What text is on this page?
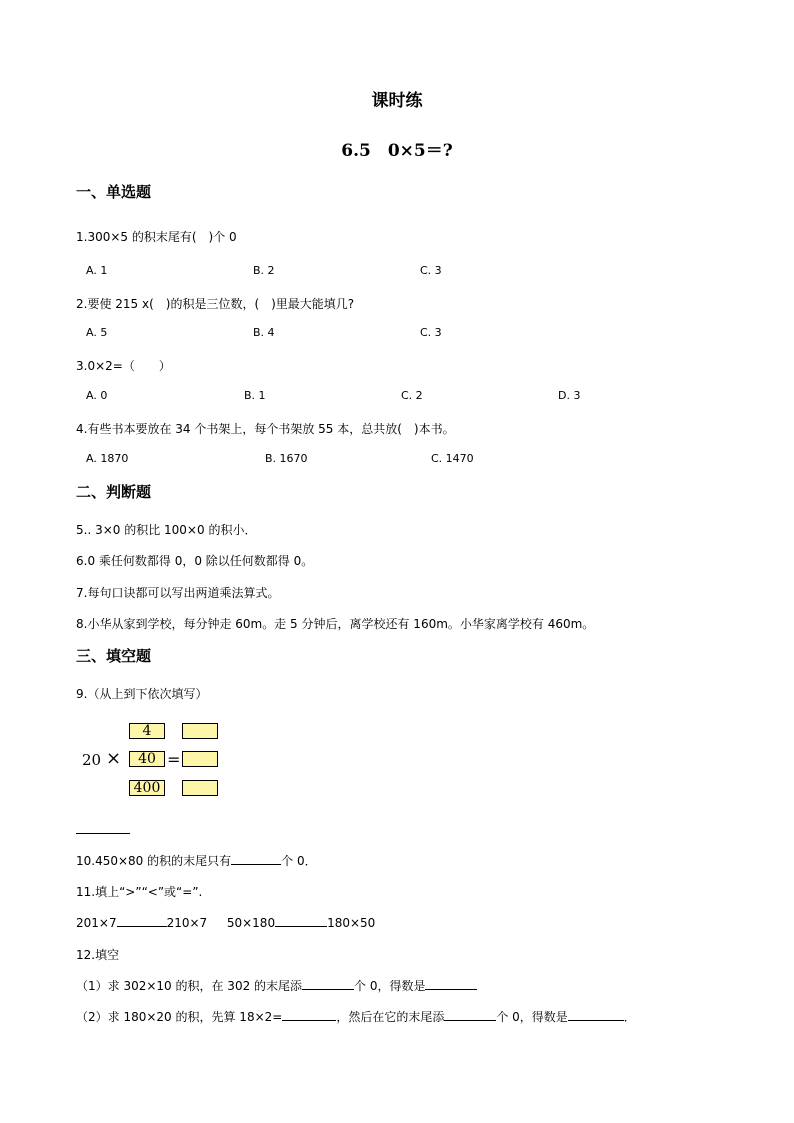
课时练
6.5　0×5＝?
一、单选题
1.300×5 的积末尾有(　)个 0
A. 1	B. 2	C. 3
2.要使 215 x(　)的积是三位数，(　)里最大能填几?
A. 5	B. 4	C. 3
3.0×2=（　　）
A. 0	B. 1	C. 2	D. 3
4.有些书本要放在 34 个书架上，每个书架放 55 本，总共放(　)本书。
A. 1870	B. 1670	C. 1470
二、判断题
5.. 3×0 的积比 100×0 的积小．
6.0 乘任何数都得 0，0 除以任何数都得 0。
7.每句口诀都可以写出两道乘法算式。
8.小华从家到学校，每分钟走 60m。走 5 分钟后，离学校还有 160m。小华家离学校有 460m。
三、填空题
9.（从上到下依次填写）
20 ×	=
4
40
400
10.450×80 的积的末尾只有	个 0．
11.填上“>”“<”或“=”.
201×7	210×7 50×180	180×50
12.填空
（1）求 302×10 的积，在 302 的末尾添	个 0，得数是
（2）求 180×20 的积，先算 18×2=	，然后在它的末尾添	个 0，得数是	．
